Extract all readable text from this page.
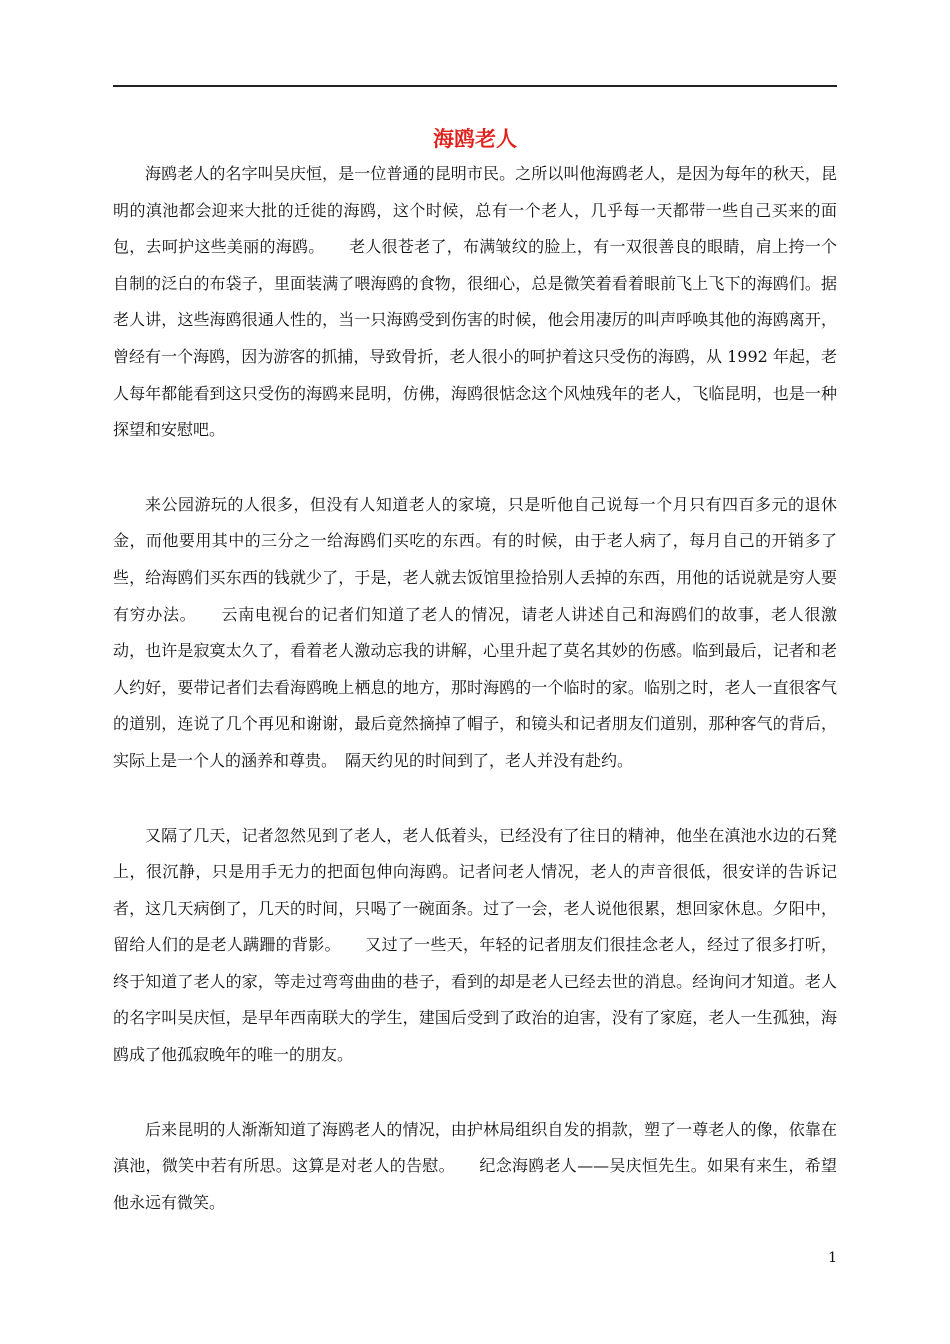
海鸥老人

海鸥老人的名字叫吴庆恒，是一位普通的昆明市民。之所以叫他海鸥老人，是因为每年的秋天，昆明的滇池都会迎来大批的迁徙的海鸥，这个时候，总有一个老人，几乎每一天都带一些自己买来的面包，去呵护这些美丽的海鸥。　　老人很苍老了，布满皱纹的脸上，有一双很善良的眼睛，肩上挎一个自制的泛白的布袋子，里面装满了喂海鸥的食物，很细心，总是微笑着看着眼前飞上飞下的海鸥们。据老人讲，这些海鸥很通人性的，当一只海鸥受到伤害的时候，他会用凄厉的叫声呼唤其他的海鸥离开，曾经有一个海鸥，因为游客的抓捕，导致骨折，老人很小的呵护着这只受伤的海鸥，从 1992 年起，老人每年都能看到这只受伤的海鸥来昆明，仿佛，海鸥很惦念这个风烛残年的老人，飞临昆明，也是一种探望和安慰吧。

来公园游玩的人很多，但没有人知道老人的家境，只是听他自己说每一个月只有四百多元的退休金，而他要用其中的三分之一给海鸥们买吃的东西。有的时候，由于老人病了，每月自己的开销多了些，给海鸥们买东西的钱就少了，于是，老人就去饭馆里捡拾别人丢掉的东西，用他的话说就是穷人要有穷办法。　　云南电视台的记者们知道了老人的情况，请老人讲述自己和海鸥们的故事，老人很激动，也许是寂寞太久了，看着老人激动忘我的讲解，心里升起了莫名其妙的伤感。临到最后，记者和老人约好，要带记者们去看海鸥晚上栖息的地方，那时海鸥的一个临时的家。临别之时，老人一直很客气的道别，连说了几个再见和谢谢，最后竟然摘掉了帽子，和镜头和记者朋友们道别，那种客气的背后，实际上是一个人的涵养和尊贵。　隔天约见的时间到了，老人并没有赴约。

又隔了几天，记者忽然见到了老人，老人低着头，已经没有了往日的精神，他坐在滇池水边的石凳上，很沉静，只是用手无力的把面包伸向海鸥。记者问老人情况，老人的声音很低，很安详的告诉记者，这几天病倒了，几天的时间，只喝了一碗面条。过了一会，老人说他很累，想回家休息。夕阳中，留给人们的是老人蹒跚的背影。　　又过了一些天，年轻的记者朋友们很挂念老人，经过了很多打听，终于知道了老人的家，等走过弯弯曲曲的巷子，看到的却是老人已经去世的消息。经询问才知道。老人的名字叫吴庆恒，是早年西南联大的学生，建国后受到了政治的迫害，没有了家庭，老人一生孤独，海鸥成了他孤寂晚年的唯一的朋友。

后来昆明的人渐渐知道了海鸥老人的情况，由护林局组织自发的捐款，塑了一尊老人的像，依靠在滇池，微笑中若有所思。这算是对老人的告慰。　　纪念海鸥老人——吴庆恒先生。如果有来生，希望他永远有微笑。

1
